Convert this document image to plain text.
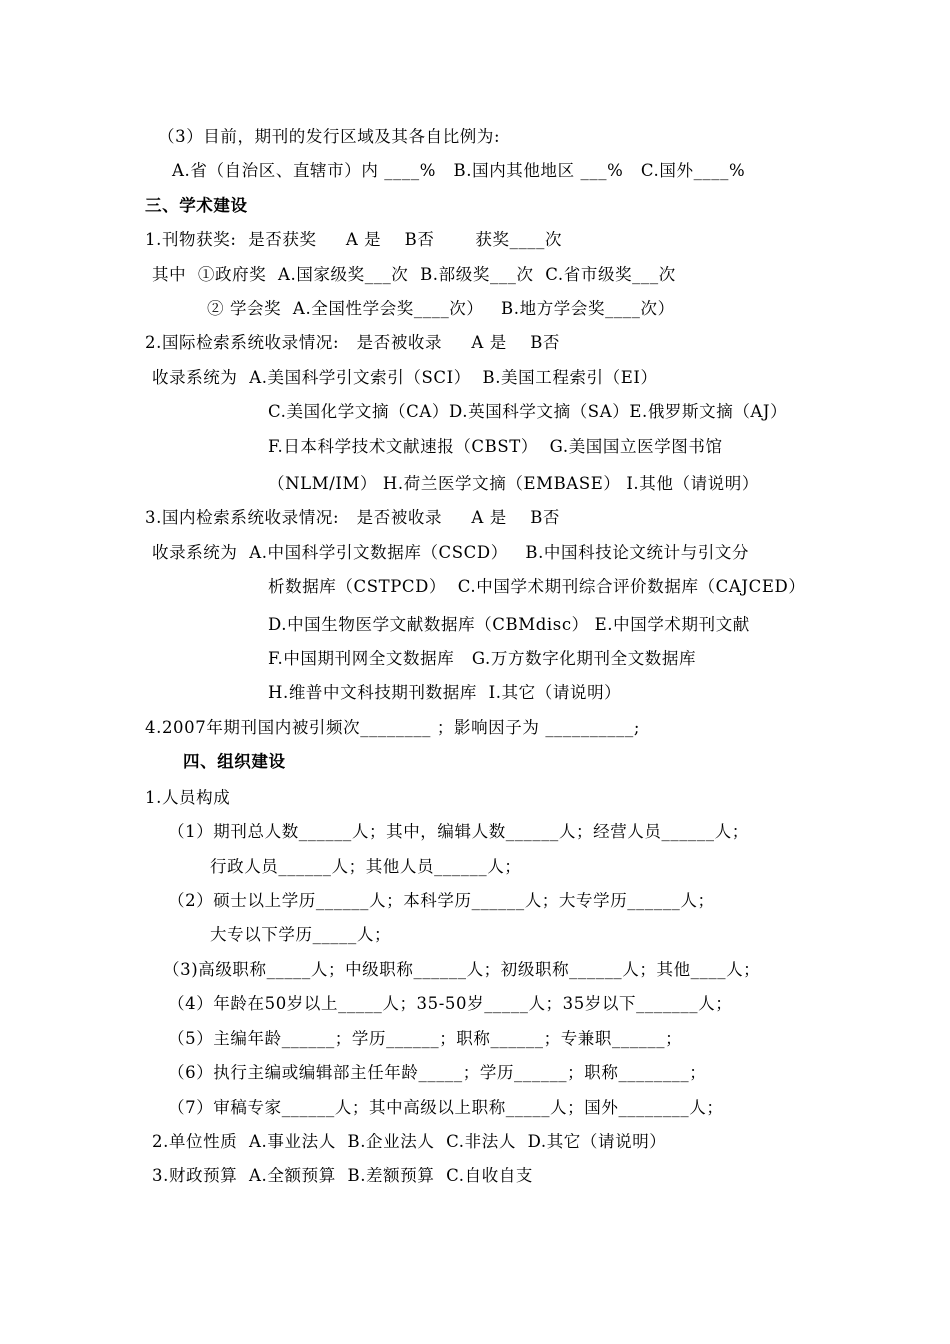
（3）目前，期刊的发行区域及其各自比例为:
A.省（自治区、直辖市）内 ____%   B.国内其他地区 ___%   C.国外____%
三、学术建设
1.刊物获奖:  是否获奖     A 是    B否       获奖____次
其中  ①政府奖  A.国家级奖___次  B.部级奖___次  C.省市级奖___次
② 学会奖  A.全国性学会奖____次）   B.地方学会奖____次）
2.国际检索系统收录情况:   是否被收录     A 是    B否
收录系统为  A.美国科学引文索引（SCI）  B.美国工程索引（EI）
C.美国化学文摘（CA）D.英国科学文摘（SA）E.俄罗斯文摘（AJ）
F.日本科学技术文献速报（CBST）  G.美国国立医学图书馆
（NLM/IM） H.荷兰医学文摘（EMBASE） I.其他（请说明）
3.国内检索系统收录情况:   是否被收录     A 是    B否
收录系统为  A.中国科学引文数据库（CSCD）   B.中国科技论文统计与引文分
析数据库（CSTPCD）  C.中国学术期刊综合评价数据库（CAJCED）
D.中国生物医学文献数据库（CBMdisc） E.中国学术期刊文献
F.中国期刊网全文数据库   G.万方数字化期刊全文数据库
H.维普中文科技期刊数据库  I.其它（请说明）
4.2007年期刊国内被引频次________ ；影响因子为 __________;
四、组织建设
1.人员构成
（1）期刊总人数______人；其中，编辑人数______人；经营人员______人；
行政人员______人；其他人员______人；
（2）硕士以上学历______人；本科学历______人；大专学历______人；
大专以下学历_____人；
（3)高级职称_____人；中级职称______人；初级职称______人；其他____人；
（4）年龄在50岁以上_____人；35-50岁_____人；35岁以下_______人；
（5）主编年龄______；学历______；职称______；专兼职______；
（6）执行主编或编辑部主任年龄_____；学历______；职称________；
（7）审稿专家______人；其中高级以上职称_____人；国外________人；
2.单位性质  A.事业法人  B.企业法人  C.非法人  D.其它（请说明）
3.财政预算  A.全额预算  B.差额预算  C.自收自支
